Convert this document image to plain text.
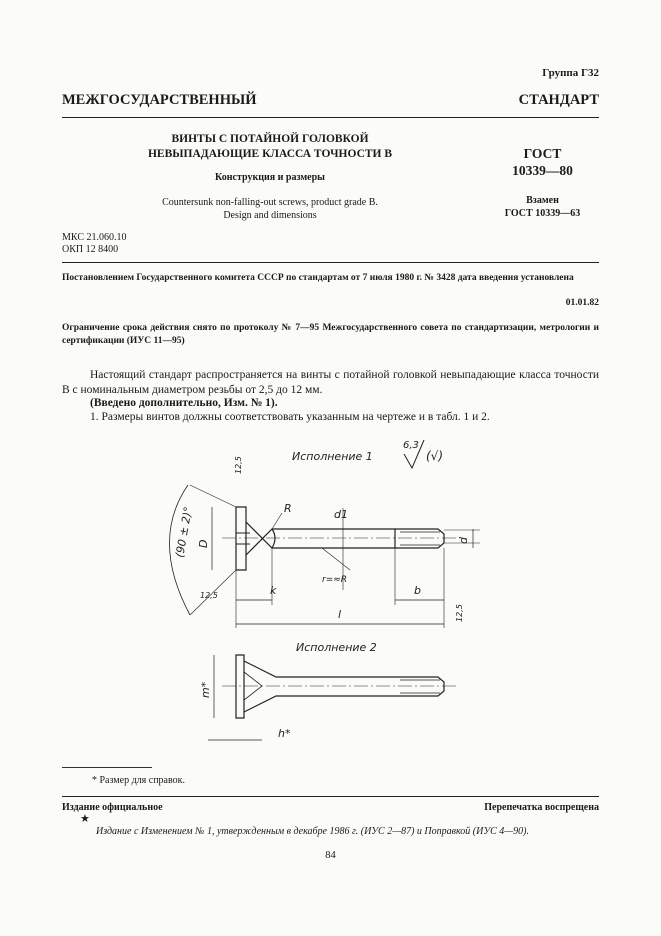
Группа Г32
МЕЖГОСУДАРСТВЕННЫЙ СТАНДАРТ
ВИНТЫ С ПОТАЙНОЙ ГОЛОВКОЙ
НЕВЫПАДАЮЩИЕ КЛАССА ТОЧНОСТИ В
Конструкция и размеры
Countersunk non-falling-out screws, product grade B.
Design and dimensions
ГОСТ
10339—80
Взамен
ГОСТ 10339—63
МКС 21.060.10
ОКП 12 8400
Постановлением Государственного комитета СССР по стандартам от 7 июля 1980 г. № 3428 дата введения установлена
01.01.82
Ограничение срока действия снято по протоколу № 7—95 Межгосударственного совета по стандартизации, метрологии и сертификации (ИУС 11—95)
Настоящий стандарт распространяется на винты с потайной головкой невыпадающие класса точности В с номинальным диаметром резьбы от 2,5 до 12 мм.
(Введено дополнительно, Изм. № 1).
1. Размеры винтов должны соответствовать указанным на чертеже и в табл. 1 и 2.
Исполнение 1
6,3
(√)
(90 ± 2)°
12,5
12,5
12,5
R	d1
D	d
r=≈R
k	b
l
Исполнение 2
m*
h*
* Размер для справок.
Издание официальное	Перепечатка воспрещена
★
Издание с Изменением № 1, утвержденным в декабре 1986 г. (ИУС 2—87) и Поправкой (ИУС 4—90).
84
